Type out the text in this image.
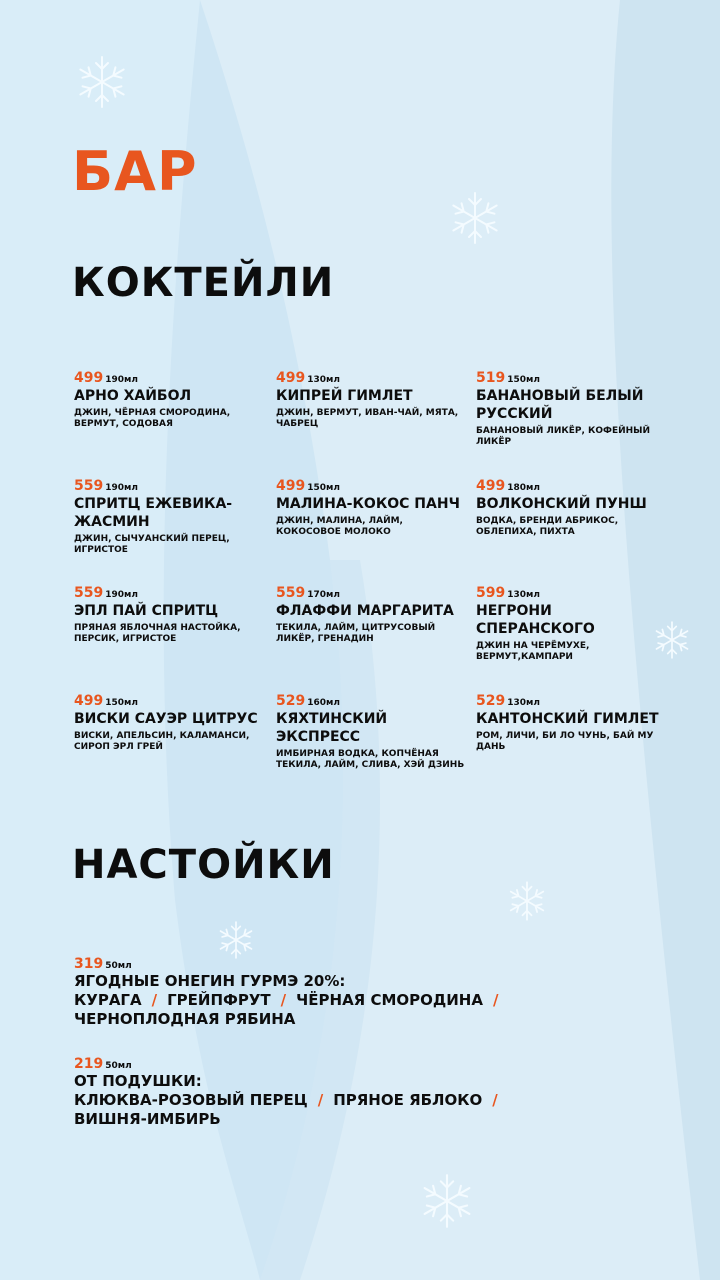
БАР
КОКТЕЙЛИ
499 190мл
АРНО ХАЙБОЛ
ДЖИН, ЧЁРНАЯ СМОРОДИНА, ВЕРМУТ, СОДОВАЯ
499 130мл
КИПРЕЙ ГИМЛЕТ
ДЖИН, ВЕРМУТ, ИВАН-ЧАЙ, МЯТА, ЧАБРЕЦ
519 150мл
БАНАНОВЫЙ БЕЛЫЙ РУССКИЙ
БАНАНОВЫЙ ЛИКЁР, КОФЕЙНЫЙ ЛИКЁР
559 190мл
СПРИТЦ ЕЖЕВИКА-ЖАСМИН
ДЖИН, СЫЧУАНСКИЙ ПЕРЕЦ, ИГРИСТОЕ
499 150мл
МАЛИНА-КОКОС ПАНЧ
ДЖИН, МАЛИНА, ЛАЙМ, КОКОСОВОЕ МОЛОКО
499 180мл
ВОЛКОНСКИЙ ПУНШ
ВОДКА, БРЕНДИ АБРИКОС, ОБЛЕПИХА, ПИХТА
559 190мл
ЭПЛ ПАЙ СПРИТЦ
ПРЯНАЯ ЯБЛОЧНАЯ НАСТОЙКА, ПЕРСИК, ИГРИСТОЕ
559 170мл
ФЛАФФИ МАРГАРИТА
ТЕКИЛА, ЛАЙМ, ЦИТРУСОВЫЙ ЛИКЁР, ГРЕНАДИН
599 130мл
НЕГРОНИ СПЕРАНСКОГО
ДЖИН НА ЧЕРЁМУХЕ, ВЕРМУТ,КАМПАРИ
499 150мл
ВИСКИ САУЭР ЦИТРУС
ВИСКИ, АПЕЛЬСИН, КАЛАМАНСИ, СИРОП ЭРЛ ГРЕЙ
529 160мл
КЯХТИНСКИЙ ЭКСПРЕСС
ИМБИРНАЯ ВОДКА, КОПЧЁНАЯ ТЕКИЛА, ЛАЙМ, СЛИВА, ХЭЙ ДЗИНЬ
529 130мл
КАНТОНСКИЙ ГИМЛЕТ
РОМ, ЛИЧИ, БИ ЛО ЧУНЬ, БАЙ МУ ДАНЬ
НАСТОЙКИ
319 50мл
ЯГОДНЫЕ ОНЕГИН ГУРМЭ 20%:
КУРАГА / ГРЕЙПФРУТ / ЧЁРНАЯ СМОРОДИНА /ЧЕРНОПЛОДНАЯ РЯБИНА
219 50мл
ОТ ПОДУШКИ:
КЛЮКВА-РОЗОВЫЙ ПЕРЕЦ / ПРЯНОЕ ЯБЛОКО /ВИШНЯ-ИМБИРЬ
